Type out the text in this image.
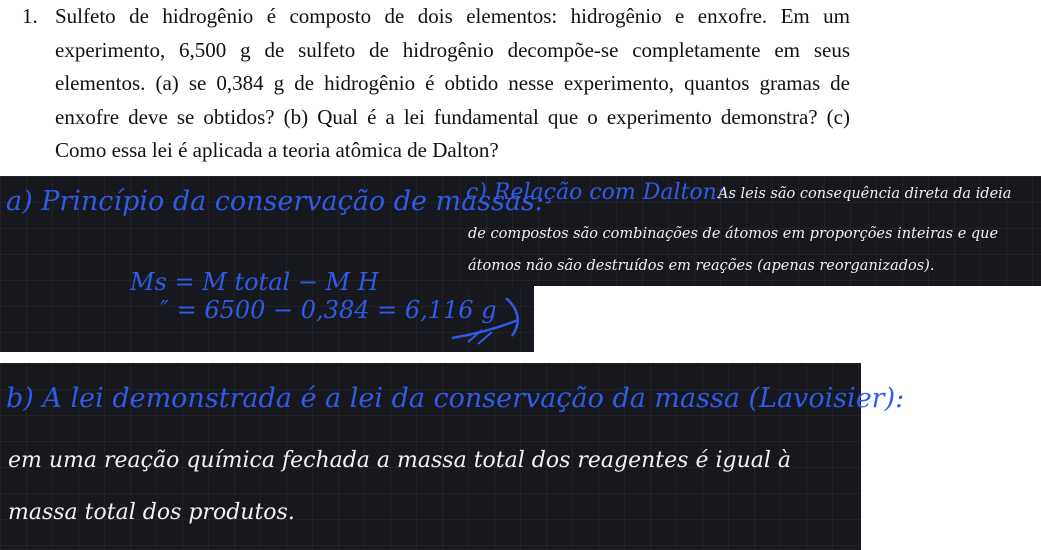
1. Sulfeto de hidrogênio é composto de dois elementos: hidrogênio e enxofre. Em um experimento, 6,500 g de sulfeto de hidrogênio decompõe-se completamente em seus elementos. (a) se 0,384 g de hidrogênio é obtido nesse experimento, quantos gramas de enxofre deve se obtidos? (b) Qual é a lei fundamental que o experimento demonstra? (c) Como essa lei é aplicada a teoria atômica de Dalton?
a) Princípio da conservação de massas:
Ms = M total − M H
″ = 6500 − 0,384 = 6,116 g
c) Relação com Dalton:
As leis são consequência direta da ideia
de compostos são combinações de átomos em proporções inteiras e que
átomos não são destruídos em reações (apenas reorganizados).
b) A lei demonstrada é a lei da conservação da massa (Lavoisier):
em uma reação química fechada a massa total dos reagentes é igual à
massa total dos produtos.
